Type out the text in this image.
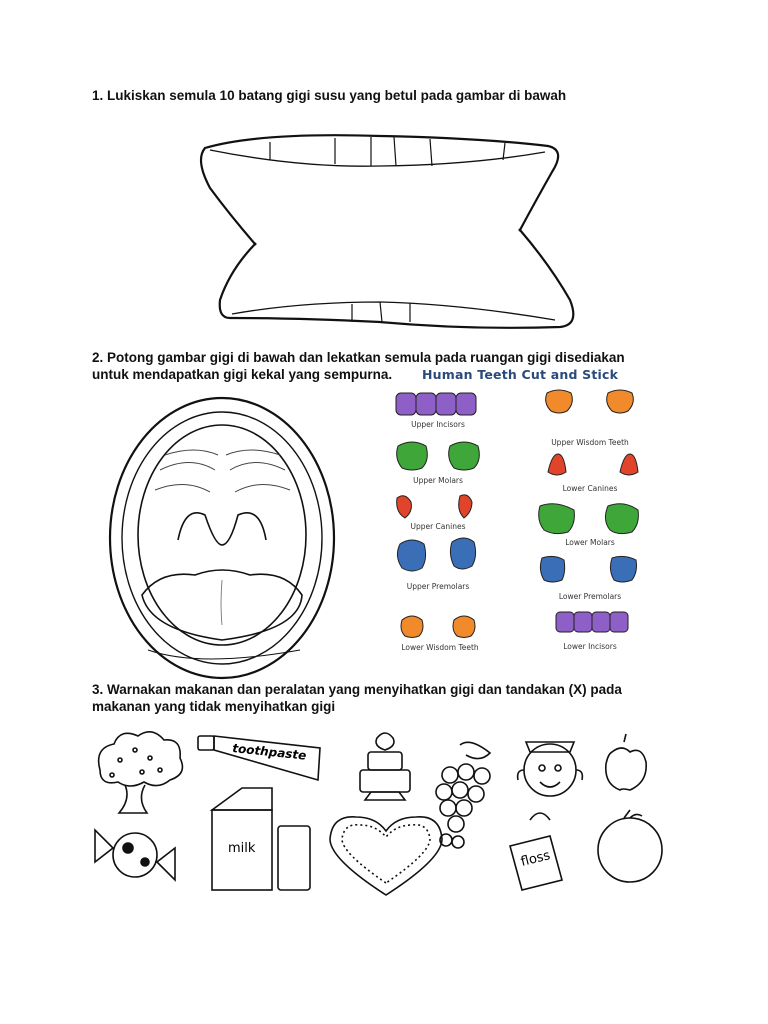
1. Lukiskan semula 10 batang gigi susu yang betul pada gambar di bawah
2. Potong gambar gigi di bawah dan lekatkan semula pada ruangan gigi disediakan untuk mendapatkan gigi kekal yang sempurna.	Human Teeth Cut and Stick
Upper Incisors
Upper Wisdom Teeth
Upper Molars
Lower Canines
Upper Canines
Lower Molars
Upper Premolars
Lower Premolars
Lower Wisdom Teeth	Lower Incisors
3. Warnakan makanan dan peralatan yang menyihatkan gigi dan tandakan (X) pada makanan yang tidak menyihatkan gigi
toothpaste
milk	floss
